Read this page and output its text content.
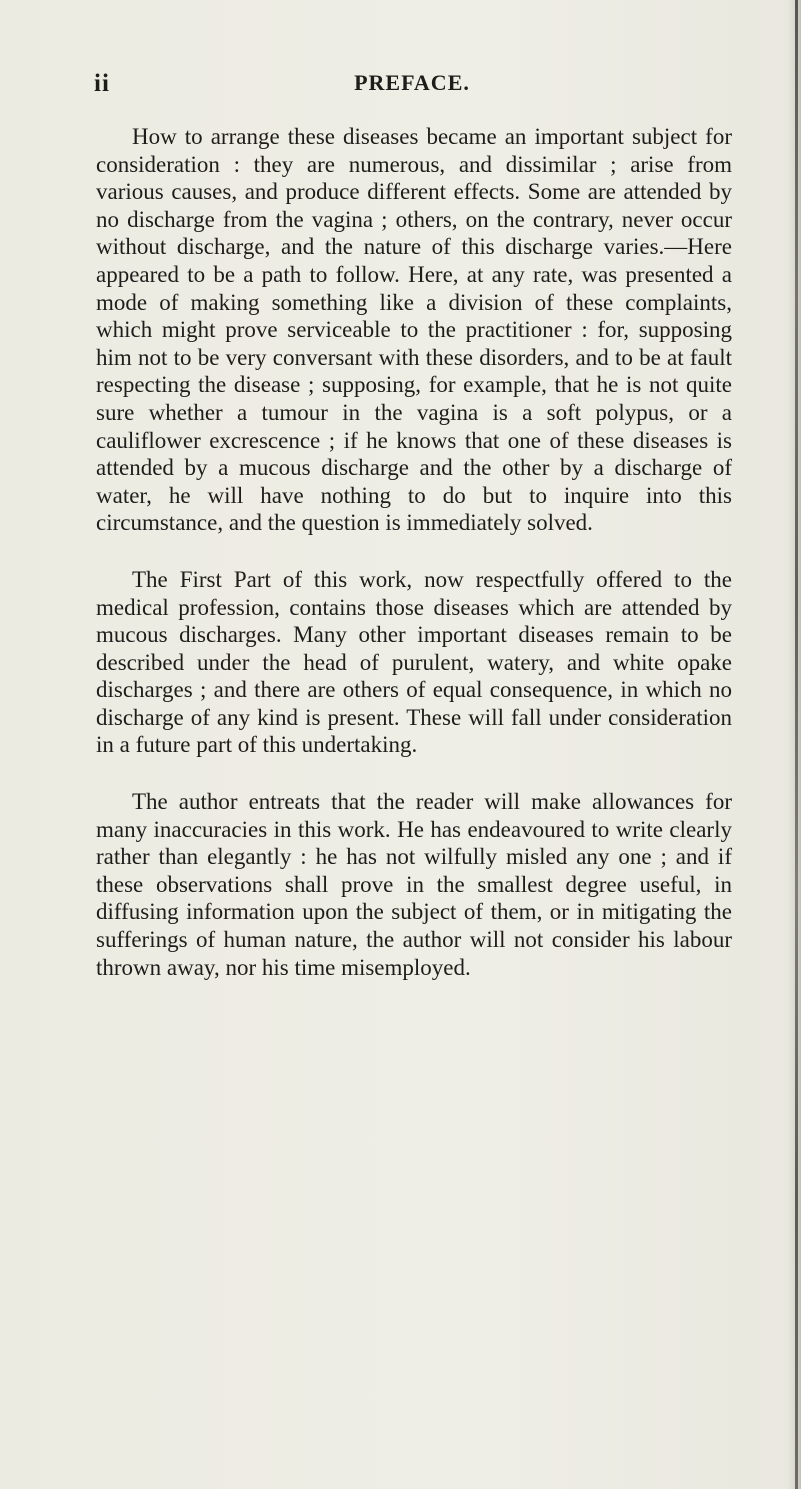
ii	PREFACE.

How to arrange these diseases became an important subject for consideration : they are numerous, and dissimilar ; arise from various causes, and produce different effects. Some are attended by no discharge from the vagina ; others, on the contrary, never occur without discharge, and the nature of this discharge varies.—Here appeared to be a path to follow. Here, at any rate, was presented a mode of making something like a division of these complaints, which might prove serviceable to the practitioner : for, supposing him not to be very conversant with these disorders, and to be at fault respecting the disease ; supposing, for example, that he is not quite sure whether a tumour in the vagina is a soft polypus, or a cauliflower excrescence ; if he knows that one of these diseases is attended by a mucous discharge and the other by a discharge of water, he will have nothing to do but to inquire into this circumstance, and the question is immediately solved.

The First Part of this work, now respectfully offered to the medical profession, contains those diseases which are attended by mucous discharges. Many other important diseases remain to be described under the head of purulent, watery, and white opake discharges ; and there are others of equal consequence, in which no discharge of any kind is present. These will fall under consideration in a future part of this undertaking.

The author entreats that the reader will make allowances for many inaccuracies in this work. He has endeavoured to write clearly rather than elegantly : he has not wilfully misled any one ; and if these observations shall prove in the smallest degree useful, in diffusing information upon the subject of them, or in mitigating the sufferings of human nature, the author will not consider his labour thrown away, nor his time misemployed.
